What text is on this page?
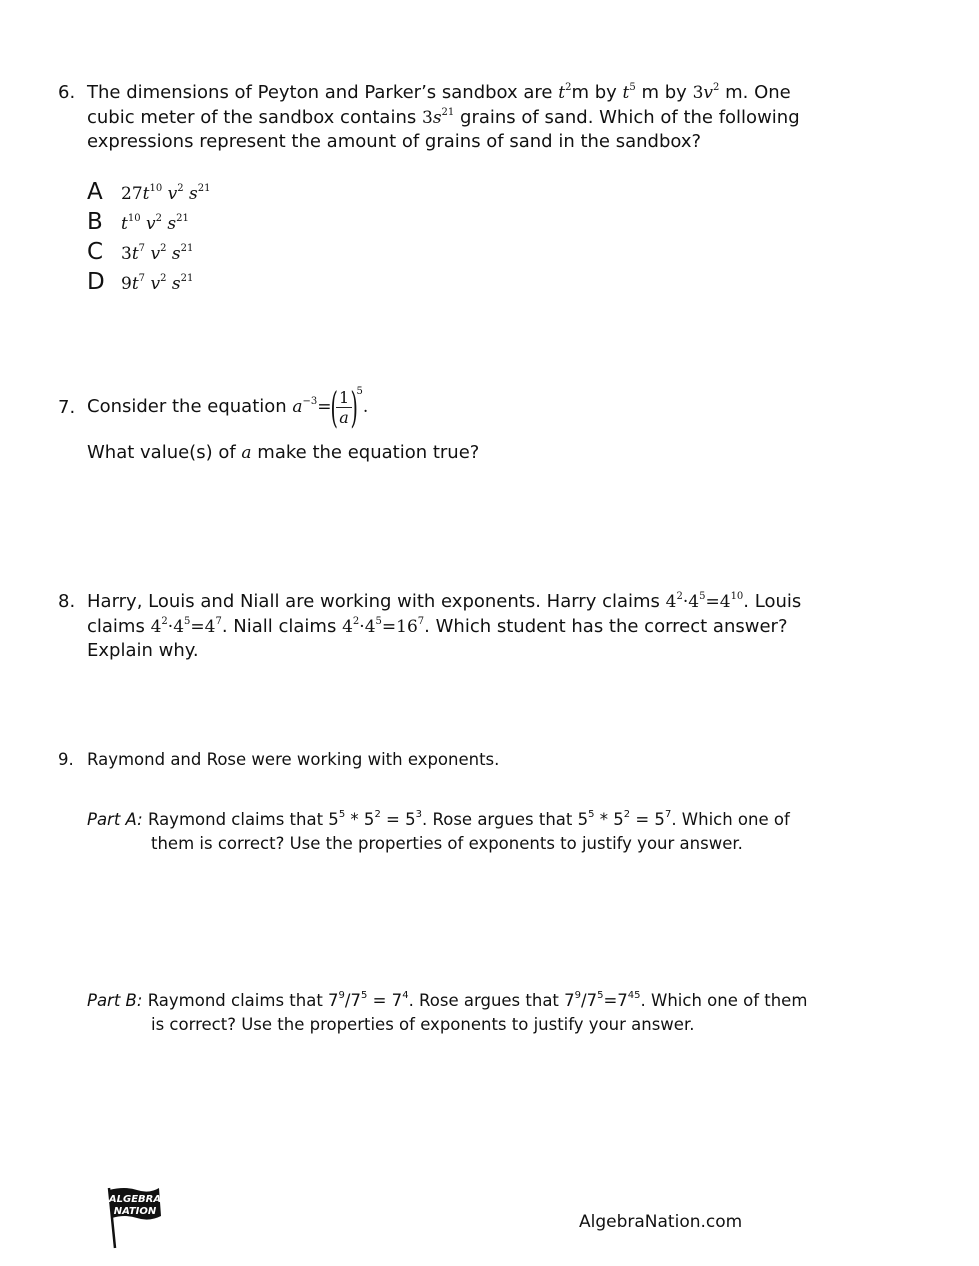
6. The dimensions of Peyton and Parker’s sandbox are $t^2m$ by $t^5$ m by $3v^2$ m. One
cubic meter of the sandbox contains $3s^{21}$ grains of sand. Which of the following
expressions represent the amount of grains of sand in the sandbox?
A $27t^{10}$ $v^2$ $s^{21}$
B $t^{10}$ $v^2$ $s^{21}$
C $3t^7$ $v^2$ $s^{21}$
D $9t^7$ $v^2$ $s^{21}$
7. Consider the equation $a^{-3}=$(
$\frac{1}{a}$
)$^5$.
What value(s) of a make the equation true?
8. Harry, Louis and Niall are working with exponents. Harry claims $4^2\cdot 4^5=4^{10}$. Louis
claims $4^2\cdot 4^5=4^7$. Niall claims $4^2\cdot 4^5=16^7$. Which student has the correct answer?
Explain why.
9. Raymond and Rose were working with exponents.
Part A: Raymond claims that $5^5 * 5^2 = 5^3$. Rose argues that $5^5 * 5^2 = 5^7$. Which one of
them is correct? Use the properties of exponents to justify your answer.
Part B: Raymond claims that $7^9/7^5 = 7^4$. Rose argues that $7^9/7^5=7^{45}$. Which one of them
is correct? Use the properties of exponents to justify your answer.
ALGEBRA
NATION
AlgebraNation.com
